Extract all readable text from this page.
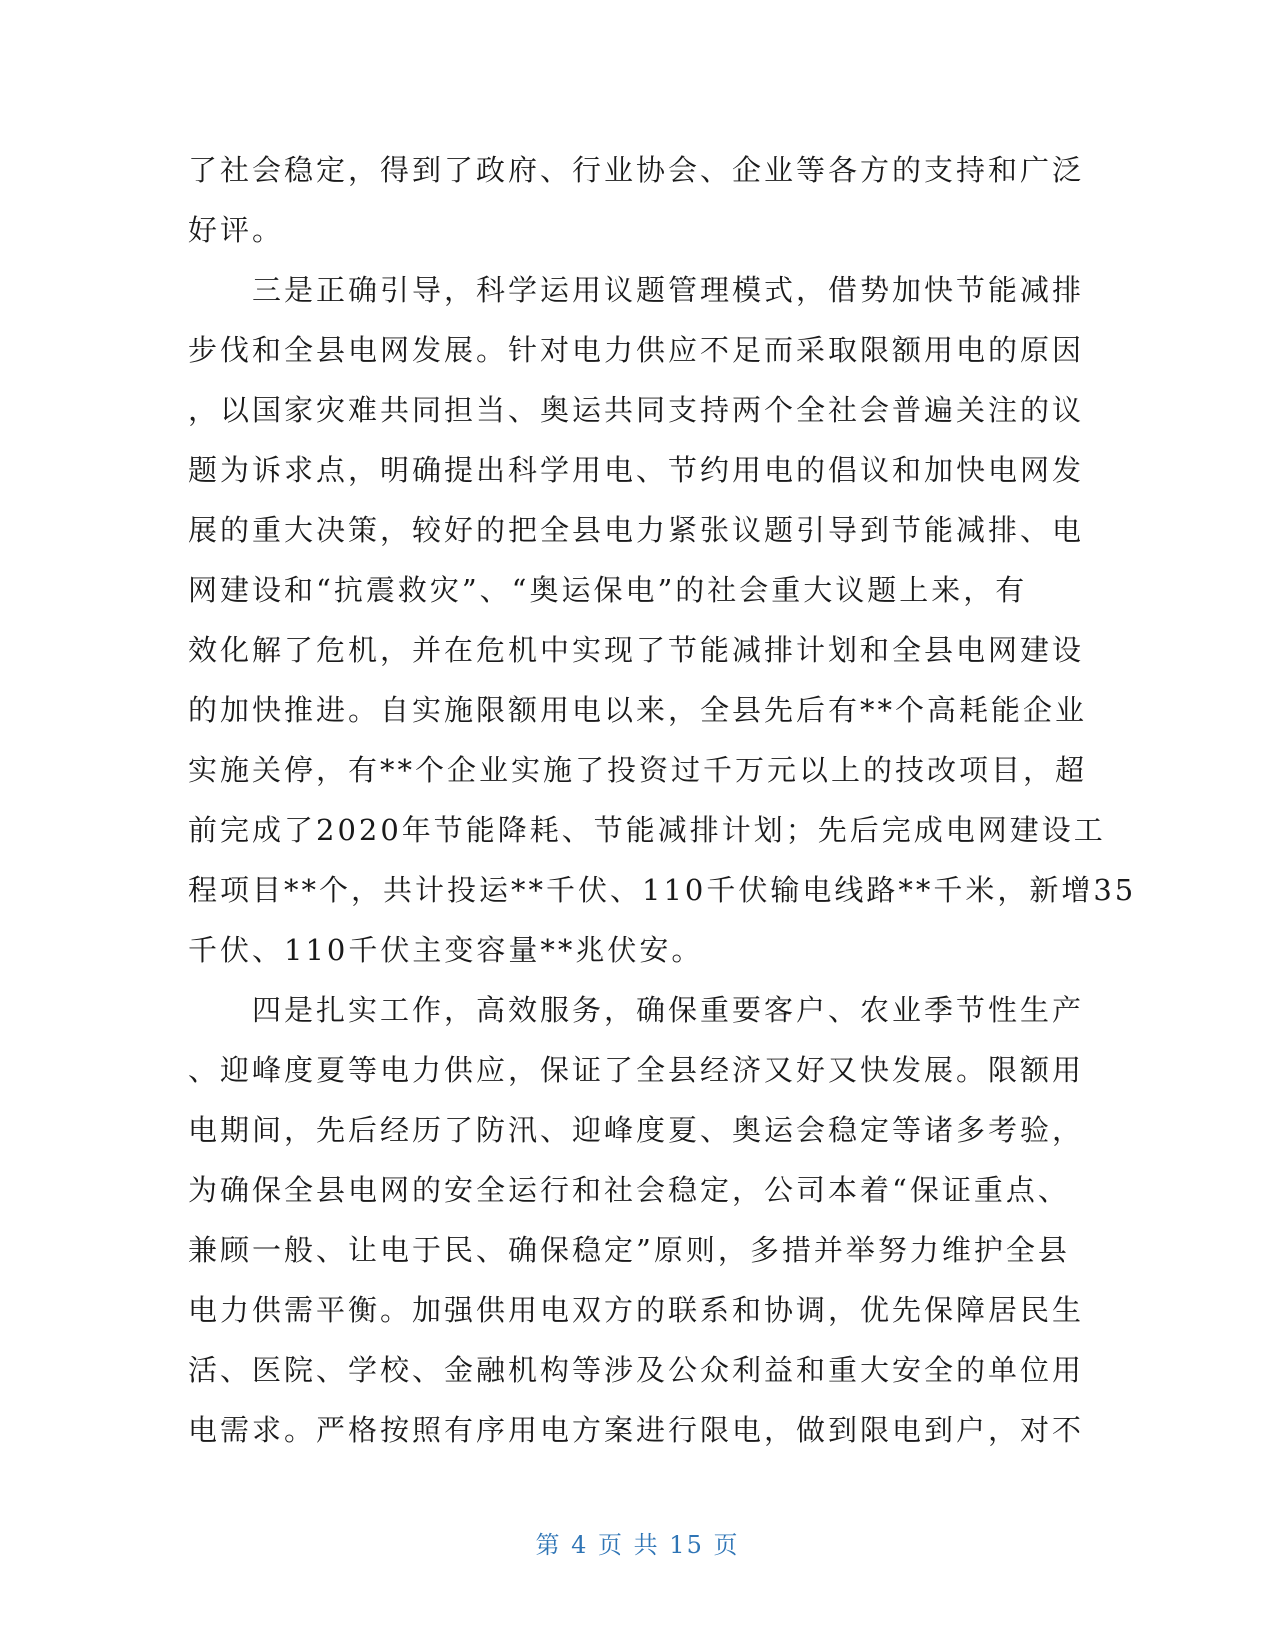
了社会稳定，得到了政府、行业协会、企业等各方的支持和广泛
好评。
　　三是正确引导，科学运用议题管理模式，借势加快节能减排
步伐和全县电网发展。针对电力供应不足而采取限额用电的原因
，以国家灾难共同担当、奥运共同支持两个全社会普遍关注的议
题为诉求点，明确提出科学用电、节约用电的倡议和加快电网发
展的重大决策，较好的把全县电力紧张议题引导到节能减排、电
网建设和“抗震救灾”、“奥运保电”的社会重大议题上来，有
效化解了危机，并在危机中实现了节能减排计划和全县电网建设
的加快推进。自实施限额用电以来，全县先后有**个高耗能企业
实施关停，有**个企业实施了投资过千万元以上的技改项目，超
前完成了2020年节能降耗、节能减排计划；先后完成电网建设工
程项目**个，共计投运**千伏、110千伏输电线路**千米，新增35
千伏、110千伏主变容量**兆伏安。
　　四是扎实工作，高效服务，确保重要客户、农业季节性生产
、迎峰度夏等电力供应，保证了全县经济又好又快发展。限额用
电期间，先后经历了防汛、迎峰度夏、奥运会稳定等诸多考验，
为确保全县电网的安全运行和社会稳定，公司本着“保证重点、
兼顾一般、让电于民、确保稳定”原则，多措并举努力维护全县
电力供需平衡。加强供用电双方的联系和协调，优先保障居民生
活、医院、学校、金融机构等涉及公众利益和重大安全的单位用
电需求。严格按照有序用电方案进行限电，做到限电到户，对不
第 4 页 共 15 页
